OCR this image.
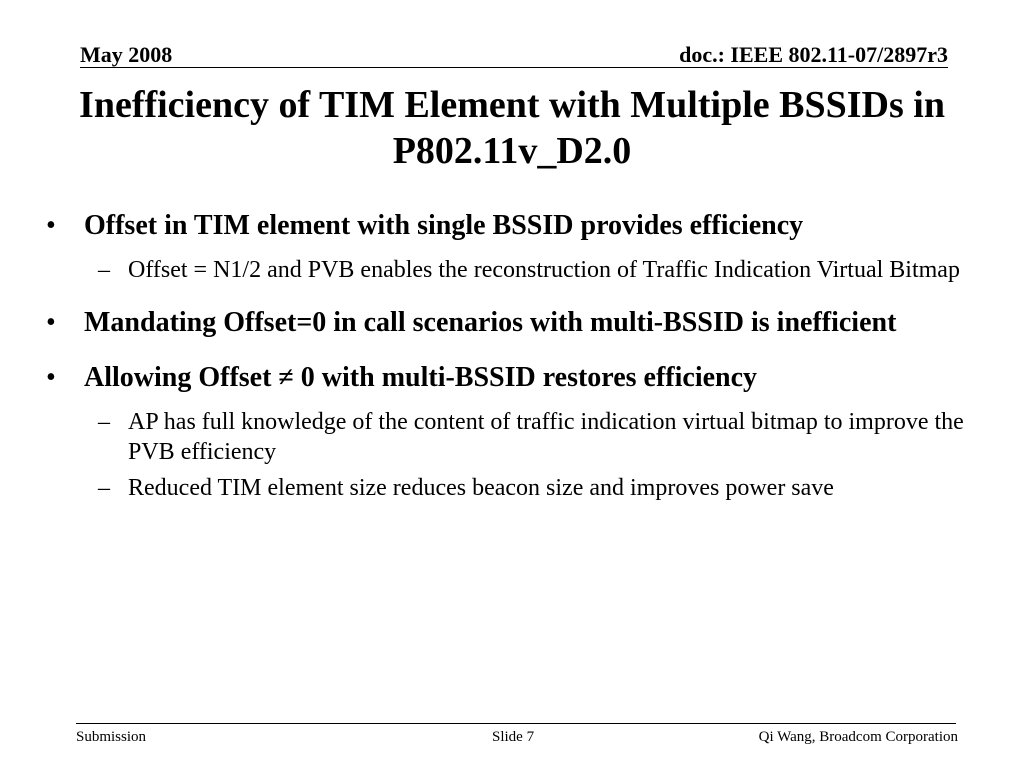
May 2008	doc.: IEEE 802.11-07/2897r3
Inefficiency of TIM Element with Multiple BSSIDs in
P802.11v_D2.0
• Offset in TIM element with single BSSID provides efficiency
– Offset = N1/2 and PVB enables the reconstruction of Traffic Indication Virtual Bitmap
• Mandating Offset=0 in call scenarios with multi-BSSID is inefficient
• Allowing Offset ≠ 0 with multi-BSSID restores efficiency
– AP has full knowledge of the content of traffic indication virtual bitmap to improve the PVB efficiency
– Reduced TIM element size reduces beacon size and improves power save
Submission	Slide 7	Qi Wang, Broadcom Corporation
